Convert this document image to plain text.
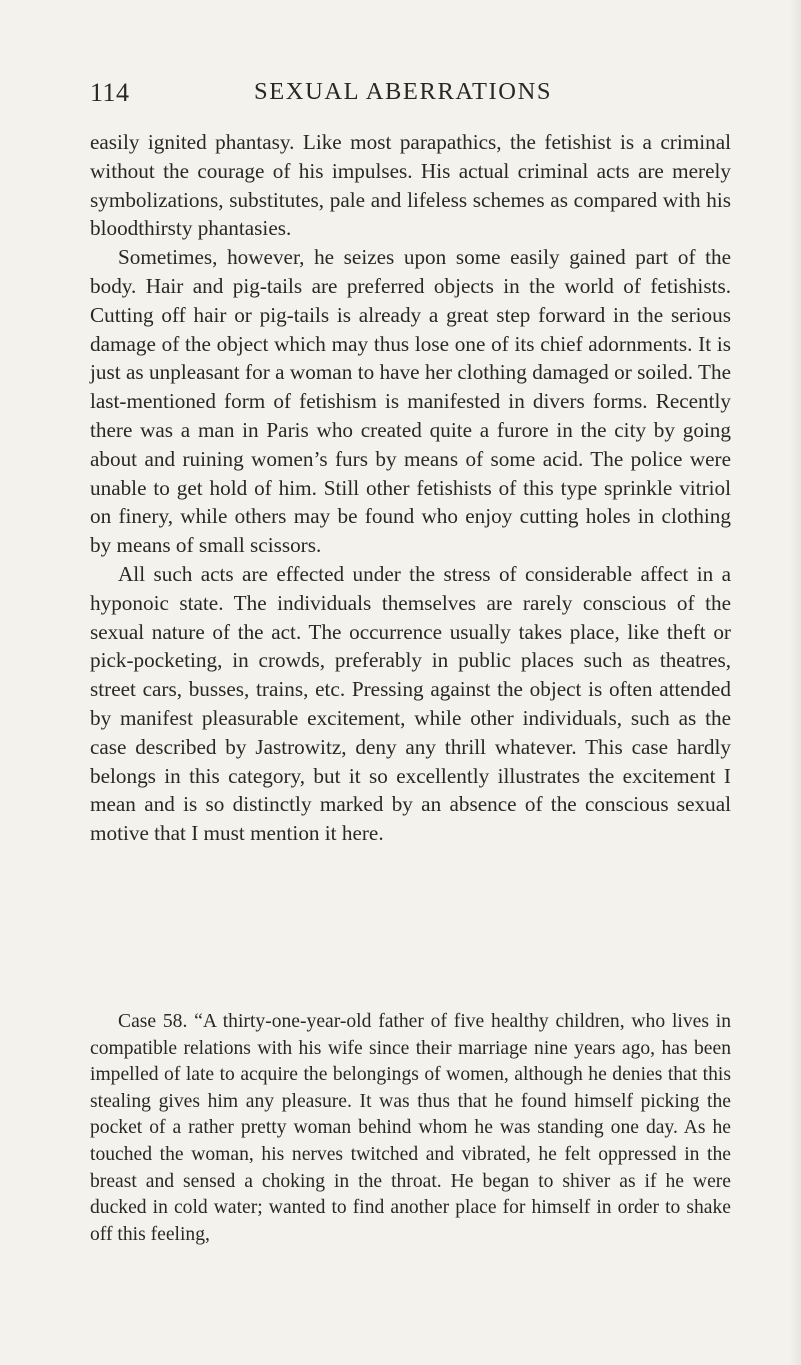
114	SEXUAL ABERRATIONS

easily ignited phantasy. Like most parapathics, the fetishist is a criminal without the courage of his impulses. His actual criminal acts are merely symbolizations, substitutes, pale and lifeless schemes as compared with his bloodthirsty phantasies.

Sometimes, however, he seizes upon some easily gained part of the body. Hair and pig-tails are preferred objects in the world of fetishists. Cutting off hair or pig-tails is already a great step forward in the serious damage of the object which may thus lose one of its chief adornments. It is just as unpleasant for a woman to have her clothing damaged or soiled. The last-mentioned form of fetishism is manifested in divers forms. Recently there was a man in Paris who created quite a furore in the city by going about and ruining women’s furs by means of some acid. The police were unable to get hold of him. Still other fetishists of this type sprinkle vitriol on finery, while others may be found who enjoy cutting holes in clothing by means of small scissors.

All such acts are effected under the stress of considerable affect in a hyponoic state. The individuals themselves are rarely conscious of the sexual nature of the act. The occurrence usually takes place, like theft or pick-pocketing, in crowds, preferably in public places such as theatres, street cars, busses, trains, etc. Pressing against the object is often attended by manifest pleasurable excitement, while other individuals, such as the case described by Jastrowitz, deny any thrill whatever. This case hardly belongs in this category, but it so excellently illustrates the excitement I mean and is so distinctly marked by an absence of the conscious sexual motive that I must mention it here.

Case 58. “A thirty-one-year-old father of five healthy children, who lives in compatible relations with his wife since their marriage nine years ago, has been impelled of late to acquire the belongings of women, although he denies that this stealing gives him any pleasure. It was thus that he found himself picking the pocket of a rather pretty woman behind whom he was standing one day. As he touched the woman, his nerves twitched and vibrated, he felt oppressed in the breast and sensed a choking in the throat. He began to shiver as if he were ducked in cold water; wanted to find another place for himself in order to shake off this feeling,
